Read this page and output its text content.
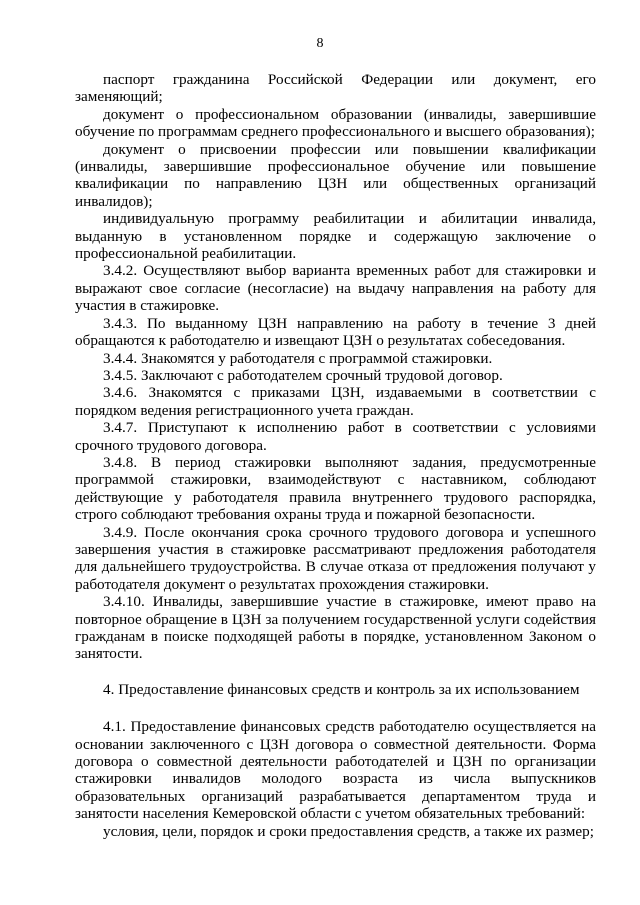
8

паспорт гражданина Российской Федерации или документ, его заменяющий;

документ о профессиональном образовании (инвалиды, завершившие обучение по программам среднего профессионального и высшего образования);

документ о присвоении профессии или повышении квалификации (инвалиды, завершившие профессиональное обучение или повышение квалификации по направлению ЦЗН или общественных организаций инвалидов);

индивидуальную программу реабилитации и абилитации инвалида, выданную в установленном порядке и содержащую заключение о профессиональной реабилитации.

3.4.2. Осуществляют выбор варианта временных работ для стажировки и выражают свое согласие (несогласие) на выдачу направления на работу для участия в стажировке.

3.4.3. По выданному ЦЗН направлению на работу в течение 3 дней обращаются к работодателю и извещают ЦЗН о результатах собеседования.

3.4.4. Знакомятся у работодателя с программой стажировки.

3.4.5. Заключают с работодателем срочный трудовой договор.

3.4.6. Знакомятся с приказами ЦЗН, издаваемыми в соответствии с порядком ведения регистрационного учета граждан.

3.4.7. Приступают к исполнению работ в соответствии с условиями срочного трудового договора.

3.4.8. В период стажировки выполняют задания, предусмотренные программой стажировки, взаимодействуют с наставником, соблюдают действующие у работодателя правила внутреннего трудового распорядка, строго соблюдают требования охраны труда и пожарной безопасности.

3.4.9. После окончания срока срочного трудового договора и успешного завершения участия в стажировке рассматривают предложения работодателя для дальнейшего трудоустройства. В случае отказа от предложения получают у работодателя документ о результатах прохождения стажировки.

3.4.10. Инвалиды, завершившие участие в стажировке, имеют право на повторное обращение в ЦЗН за получением государственной услуги содействия гражданам в поиске подходящей работы в порядке, установленном Законом о занятости.

4. Предоставление финансовых средств и контроль за их использованием

4.1. Предоставление финансовых средств работодателю осуществляется на основании заключенного с ЦЗН договора о совместной деятельности. Форма договора о совместной деятельности работодателей и ЦЗН по организации стажировки инвалидов молодого возраста из числа выпускников образовательных организаций разрабатывается департаментом труда и занятости населения Кемеровской области с учетом обязательных требований:

условия, цели, порядок и сроки предоставления средств, а также их размер;
